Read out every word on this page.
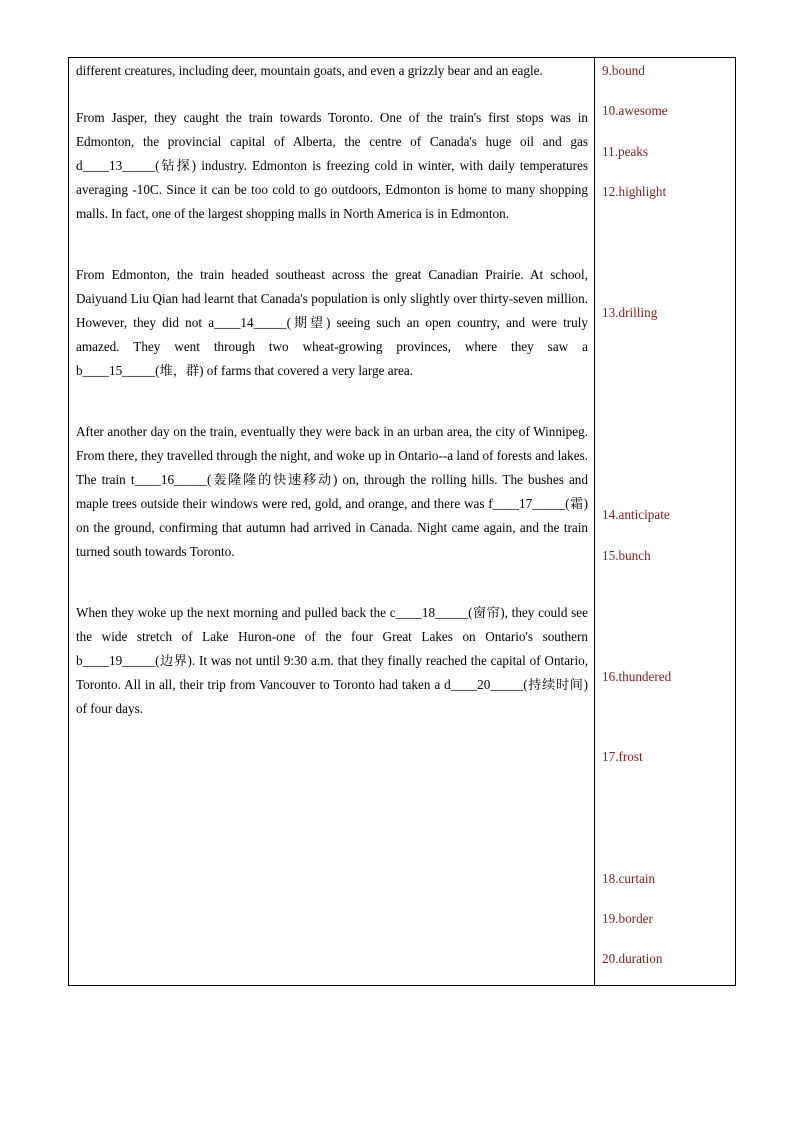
different creatures, including deer, mountain goats, and even a grizzly bear and an eagle.
From Jasper, they caught the train towards Toronto. One of the train's first stops was in Edmonton, the provincial capital of Alberta, the centre of Canada's huge oil and gas d____13_____(钻探) industry. Edmonton is freezing cold in winter, with daily temperatures averaging -10C. Since it can be too cold to go outdoors, Edmonton is home to many shopping malls. In fact, one of the largest shopping malls in North America is in Edmonton.
From Edmonton, the train headed southeast across the great Canadian Prairie. At school, Daiyuand Liu Qian had learnt that Canada's population is only slightly over thirty-seven million. However, they did not a____14_____(期望) seeing such an open country, and were truly amazed. They went through two wheat-growing provinces, where they saw a b____15_____(堆，群) of farms that covered a very large area.
After another day on the train, eventually they were back in an urban area, the city of Winnipeg. From there, they travelled through the night, and woke up in Ontario--a land of forests and lakes. The train t____16_____(轰隆隆的快速移动) on, through the rolling hills. The bushes and maple trees outside their windows were red, gold, and orange, and there was f____17_____(霜) on the ground, confirming that autumn had arrived in Canada. Night came again, and the train turned south towards Toronto.
When they woke up the next morning and pulled back the c____18_____(窗帘), they could see the wide stretch of Lake Huron-one of the four Great Lakes on Ontario's southern b____19_____(边界). It was not until 9:30 a.m. that they finally reached the capital of Ontario, Toronto. All in all, their trip from Vancouver to Toronto had taken a d____20_____(持续时间) of four days.
9.bound
10.awesome
11.peaks
12.highlight
13.drilling
14.anticipate
15.bunch
16.thundered
17.frost
18.curtain
19.border
20.duration
